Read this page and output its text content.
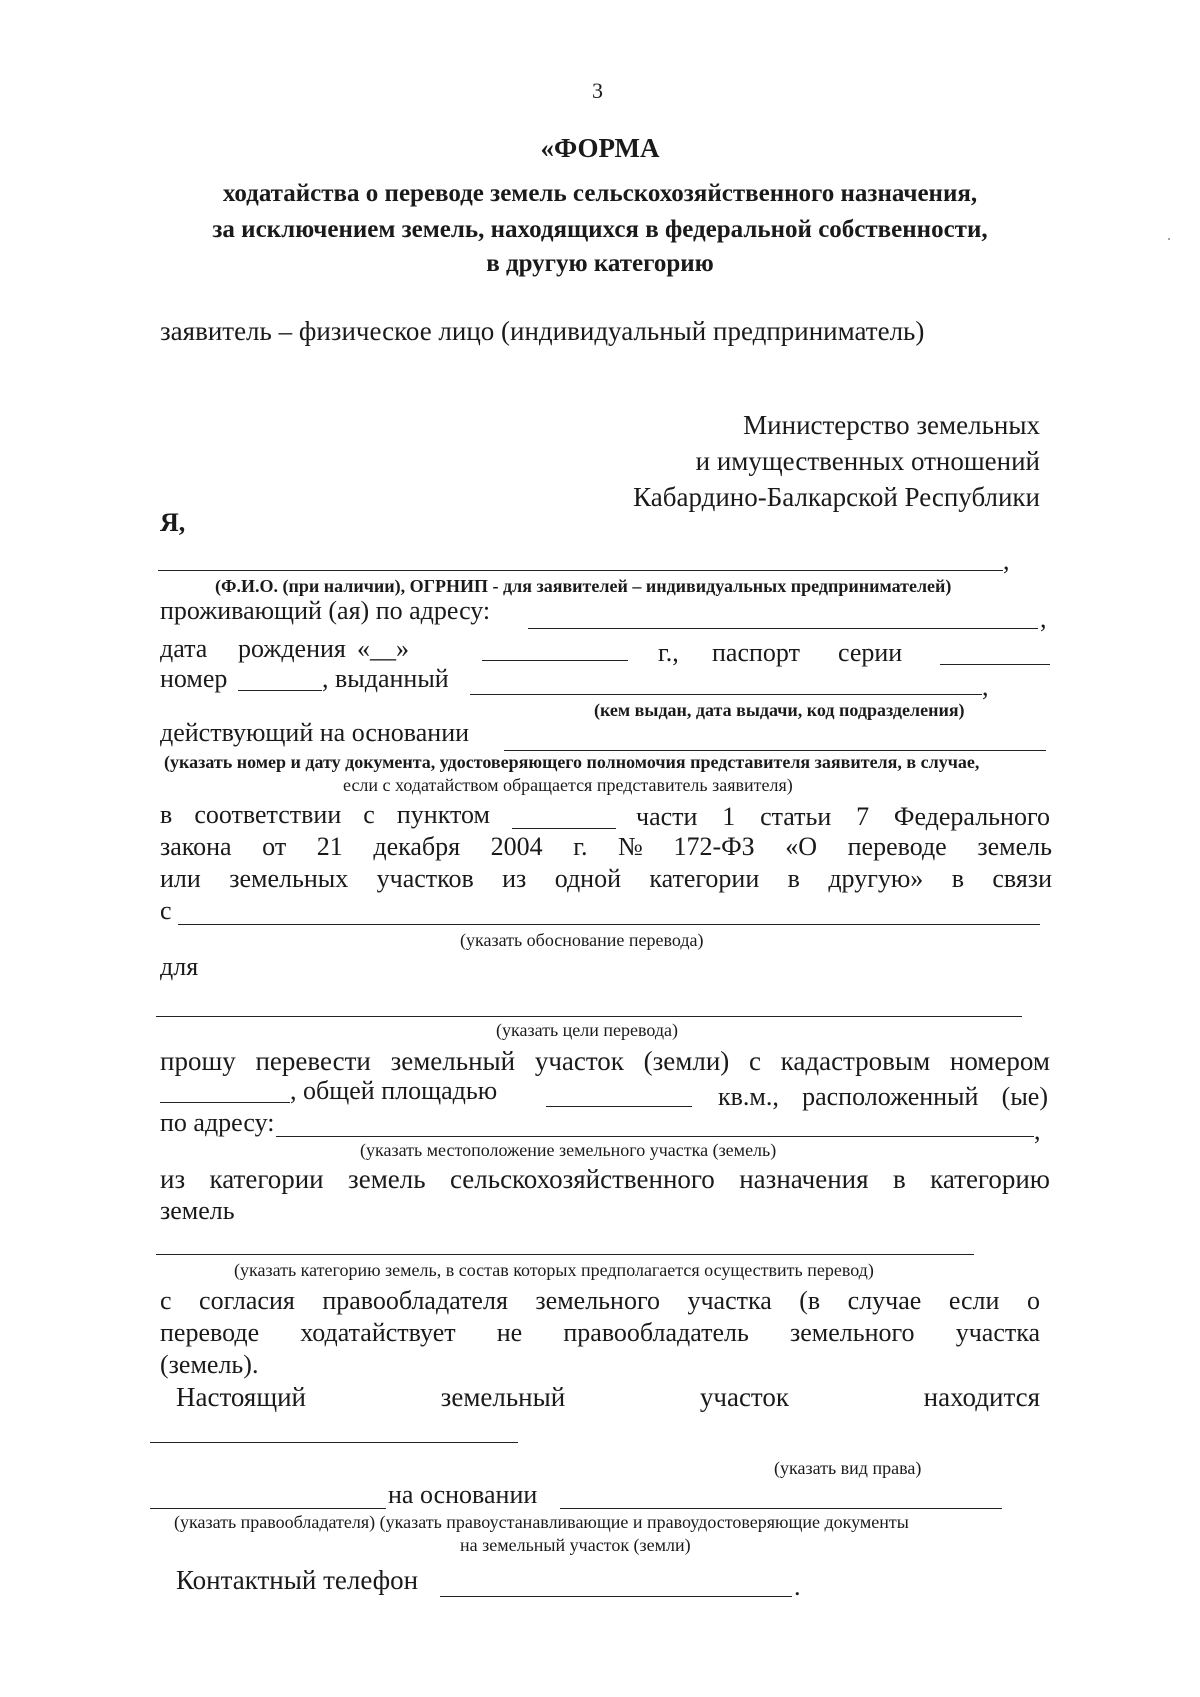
3
«ФОРМА
ходатайства о переводе земель сельскохозяйственного назначения,
за исключением земель, находящихся в федеральной собственности,
в другую категорию
заявитель – физическое лицо (индивидуальный предприниматель)
Министерство земельных
и имущественных отношений
Кабардино-Балкарской Республики
Я,
,
(Ф.И.О. (при наличии), ОГРНИП - для заявителей – индивидуальных предпринимателей)
проживающий (ая) по адресу:	,
дата рождения «__»	г., паспорт серии
номер	, выданный	,
(кем выдан, дата выдачи, код подразделения)
действующий на основании
(указать номер и дату документа, удостоверяющего полномочия представителя заявителя, в случае,
если с ходатайством обращается представитель заявителя)
в соответствии с пунктом	части 1 статьи 7 Федерального
закона от 21 декабря 2004 г. № 172-ФЗ «О переводе земель
или земельных участков из одной категории в другую» в связи
с
(указать обоснование перевода)
для
(указать цели перевода)
прошу перевести земельный участок (земли) с кадастровым номером
, общей площадью	кв.м., расположенный (ые)
по адресу:	,
(указать местоположение земельного участка (земель)
из категории земель сельскохозяйственного назначения в категорию
земель
(указать категорию земель, в состав которых предполагается осуществить перевод)
с согласия правообладателя земельного участка (в случае если о
переводе ходатайствует не правообладатель земельного участка
(земель).
Настоящий	земельный	участок	находится
(указать вид права)
на основании
(указать правообладателя) (указать правоустанавливающие и правоудостоверяющие документы
на земельный участок (земли)
Контактный телефон	.
